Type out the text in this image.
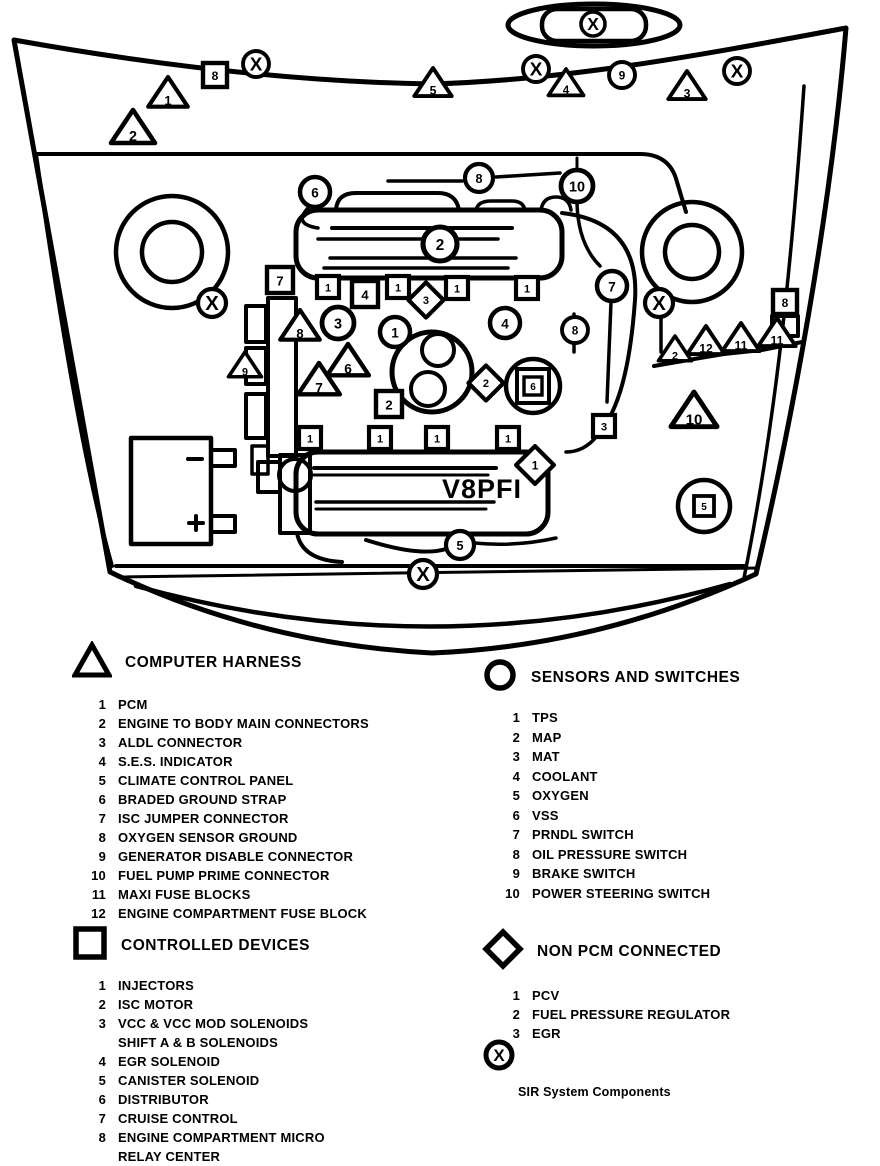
V8PFI
1
2
5	4	3
8
6
7
9
2
12 11 11
10
8
7
1	1	1	1
4
2
1	1	1	1
3
8
6
5
6
8
9
10
2
3
1
4
7
8
5
3
2
1
X	X
X
X
X	X
X
COMPUTER HARNESS
1 PCM
2 ENGINE TO BODY MAIN CONNECTORS
3 ALDL CONNECTOR
4 S.E.S. INDICATOR
5 CLIMATE CONTROL PANEL
6 BRADED GROUND STRAP
7 ISC JUMPER CONNECTOR
8 OXYGEN SENSOR GROUND
9 GENERATOR DISABLE CONNECTOR
10 FUEL PUMP PRIME CONNECTOR
11 MAXI FUSE BLOCKS
12 ENGINE COMPARTMENT FUSE BLOCK
SENSORS AND SWITCHES
1 TPS
2 MAP
3 MAT
4 COOLANT
5 OXYGEN
6 VSS
7 PRNDL SWITCH
8 OIL PRESSURE SWITCH
9 BRAKE SWITCH
10 POWER STEERING SWITCH
CONTROLLED DEVICES
1 INJECTORS
2 ISC MOTOR
3 VCC & VCC MOD SOLENOIDS
SHIFT A & B SOLENOIDS
4 EGR SOLENOID
5 CANISTER SOLENOID
6 DISTRIBUTOR
7 CRUISE CONTROL
8 ENGINE COMPARTMENT MICRO
RELAY CENTER
NON PCM CONNECTED
1 PCV
2 FUEL PRESSURE REGULATOR
3 EGR
X
SIR System Components
